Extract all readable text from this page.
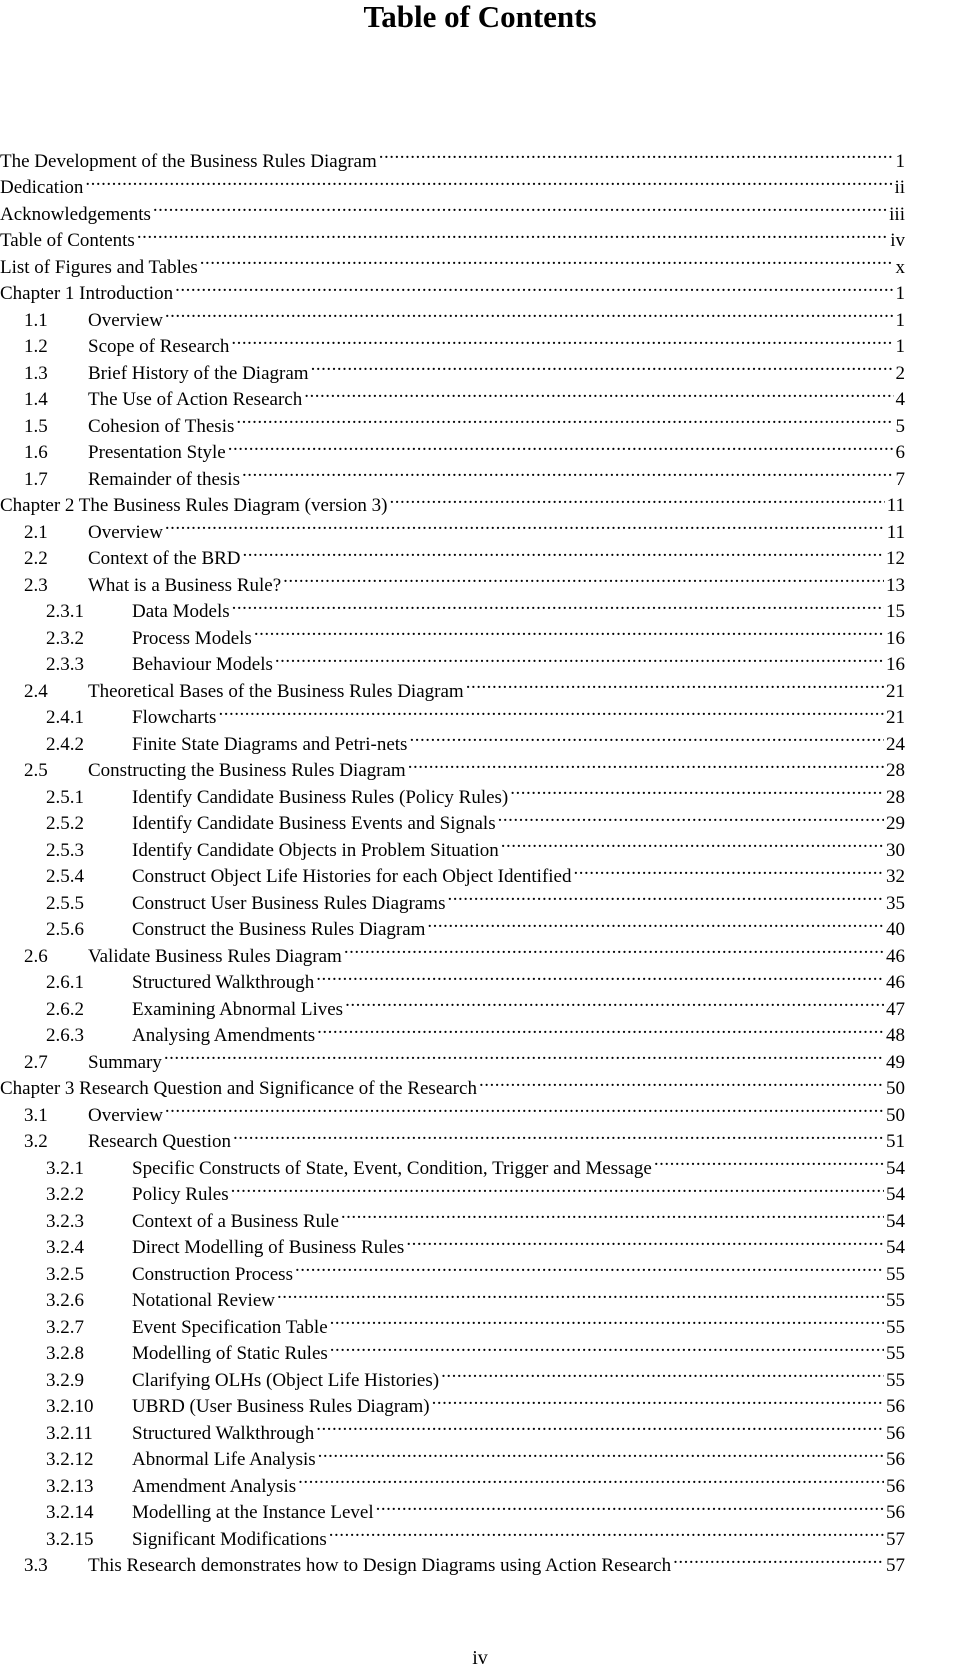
Table of Contents
The Development of the Business Rules Diagram .....	1
Dedication .....	ii
Acknowledgements .....	iii
Table of Contents .....	iv
List of Figures and Tables .....	x
Chapter 1 Introduction .....	1
1.1	Overview .....	1
1.2	Scope of Research .....	1
1.3	Brief History of the Diagram .....	2
1.4	The Use of Action Research .....	4
1.5	Cohesion of Thesis .....	5
1.6	Presentation Style .....	6
1.7	Remainder of thesis .....	7
Chapter 2 The Business Rules Diagram (version 3) .....	11
2.1	Overview .....	11
2.2	Context of the BRD .....	12
2.3	What is a Business Rule? .....	13
2.3.1	Data Models .....	15
2.3.2	Process Models .....	16
2.3.3	Behaviour Models .....	16
2.4	Theoretical Bases of the Business Rules Diagram .....	21
2.4.1	Flowcharts .....	21
2.4.2	Finite State Diagrams and Petri-nets .....	24
2.5	Constructing the Business Rules Diagram .....	28
2.5.1	Identify Candidate Business Rules (Policy Rules) .....	28
2.5.2	Identify Candidate Business Events and Signals .....	29
2.5.3	Identify Candidate Objects in Problem Situation .....	30
2.5.4	Construct Object Life Histories for each Object Identified .....	32
2.5.5	Construct User Business Rules Diagrams .....	35
2.5.6	Construct the Business Rules Diagram .....	40
2.6	Validate Business Rules Diagram .....	46
2.6.1	Structured Walkthrough .....	46
2.6.2	Examining Abnormal Lives .....	47
2.6.3	Analysing Amendments .....	48
2.7	Summary .....	49
Chapter 3 Research Question and Significance of the Research .....	50
3.1	Overview .....	50
3.2	Research Question .....	51
3.2.1	Specific Constructs of State, Event, Condition, Trigger and Message .....	54
3.2.2	Policy Rules .....	54
3.2.3	Context of a Business Rule .....	54
3.2.4	Direct Modelling of Business Rules .....	54
3.2.5	Construction Process .....	55
3.2.6	Notational Review .....	55
3.2.7	Event Specification Table .....	55
3.2.8	Modelling of Static Rules .....	55
3.2.9	Clarifying OLHs (Object Life Histories) .....	55
3.2.10	UBRD (User Business Rules Diagram) .....	56
3.2.11	Structured Walkthrough .....	56
3.2.12	Abnormal Life Analysis .....	56
3.2.13	Amendment Analysis .....	56
3.2.14	Modelling at the Instance Level .....	56
3.2.15	Significant Modifications .....	57
3.3	This Research demonstrates how to Design Diagrams using Action Research .....	57
iv
